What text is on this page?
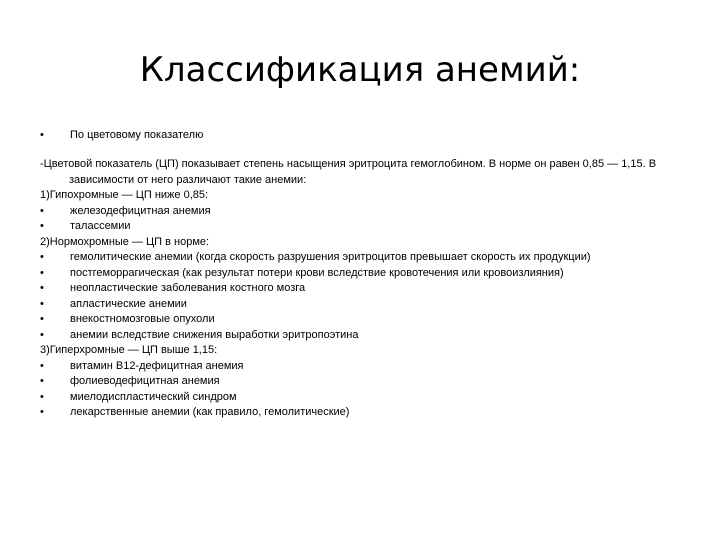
Классификация анемий:
•	По цветовому показателю

-Цветовой показатель (ЦП) показывает степень насыщения эритроцита гемоглобином. В норме он равен 0,85 — 1,15. В зависимости от него различают такие анемии:

1)Гипохромные — ЦП ниже 0,85:

• железодефицитная анемия

• талассемии

2)Нормохромные — ЦП в норме:

• гемолитические анемии (когда скорость разрушения эритроцитов превышает скорость их продукции)

• постгеморрагическая (как результат потери крови вследствие кровотечения или кровоизлияния)

• неопластические заболевания костного мозга

• апластические анемии

• внекостномозговые опухоли

• анемии вследствие снижения выработки эритропоэтина

3)Гиперхромные — ЦП выше 1,15:

• витамин В12-дефицитная анемия

• фолиеводефицитная анемия

• миелодиспластический синдром

• лекарственные анемии (как правило, гемолитические)
